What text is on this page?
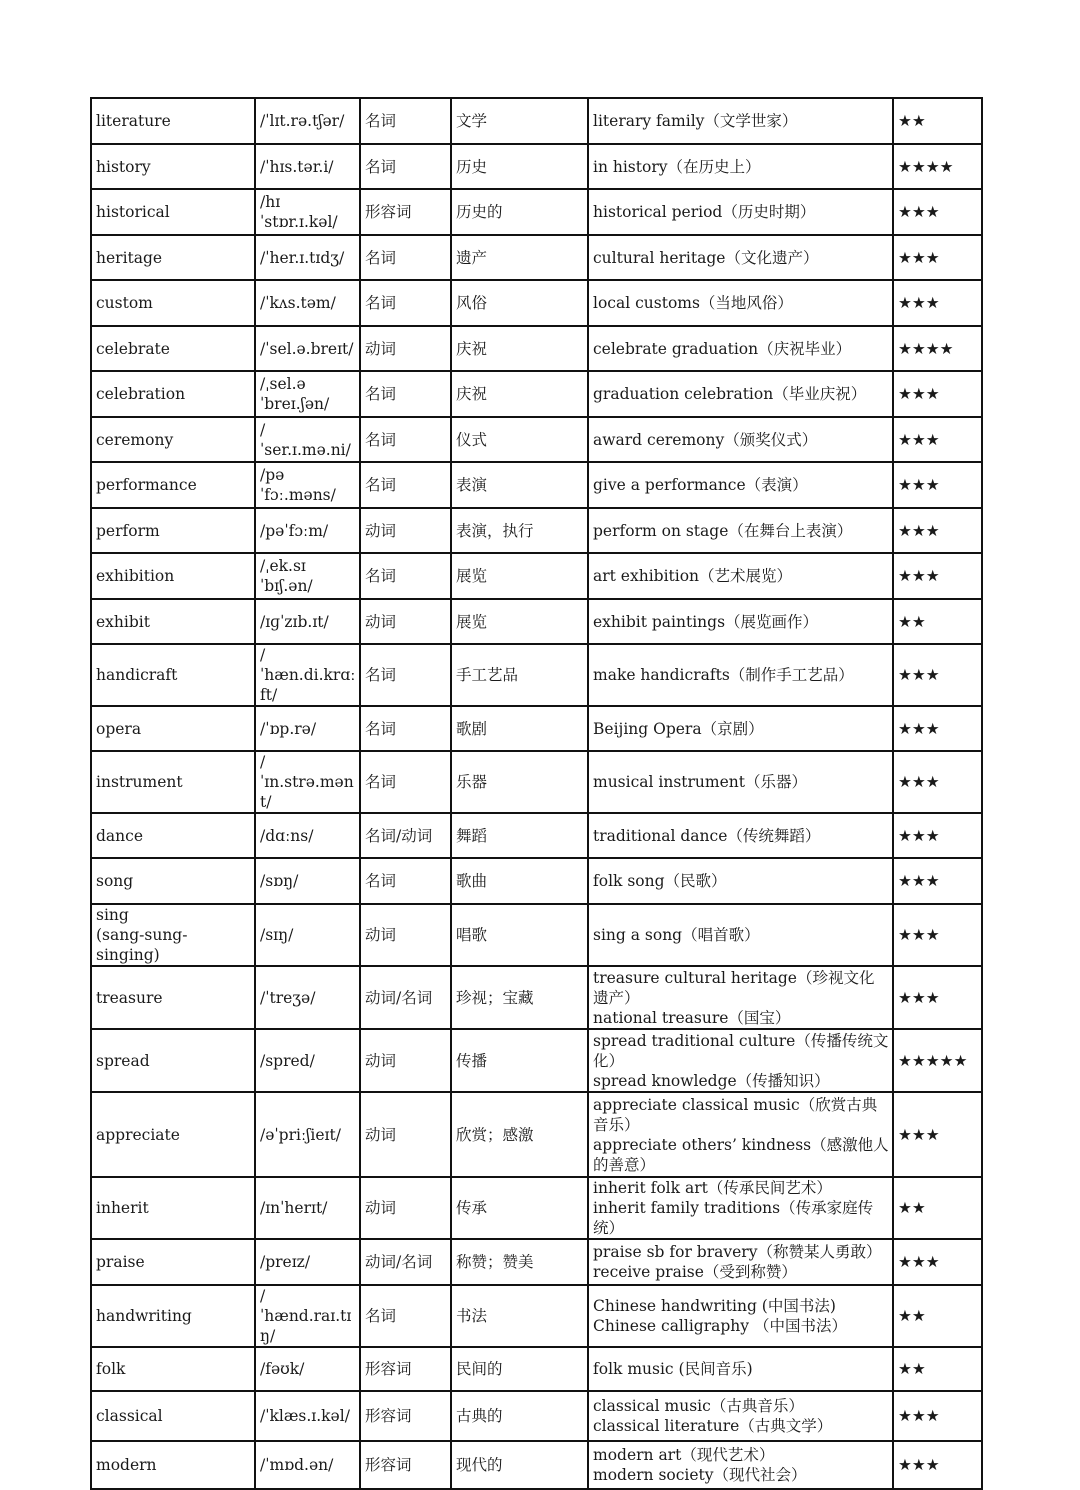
literature	/ˈlɪt.rə.tʃər/	名词	文学	literary family（文学世家）	★★

history	/ˈhɪs.tər.i/	名词	历史	in history（在历史上）	★★★★

historical	/hɪˈstɒr.ɪ.kəl/	形容词	历史的	historical period（历史时期）	★★★

heritage	/ˈher.ɪ.tɪdʒ/	名词	遗产	cultural heritage（文化遗产）	★★★

custom	/ˈkʌs.təm/	名词	风俗	local customs（当地风俗）	★★★

celebrate	/ˈsel.ə.breɪt/	动词	庆祝	celebrate graduation（庆祝毕业）	★★★★

celebration	/ˌsel.əˈbreɪ.ʃən/	名词	庆祝	graduation celebration（毕业庆祝）	★★★

ceremony	/ˈser.ɪ.mə.ni/	名词	仪式	award ceremony（颁奖仪式）	★★★

performance	/pəˈfɔː.məns/	名词	表演	give a performance（表演）	★★★

perform	/pəˈfɔːm/	动词	表演，执行	perform on stage（在舞台上表演）	★★★

exhibition	/ˌek.sɪˈbɪʃ.ən/	名词	展览	art exhibition（艺术展览）	★★★

exhibit	/ɪɡˈzɪb.ɪt/	动词	展览	exhibit paintings（展览画作）	★★

handicraft	/ˈhæn.di.krɑːft/	名词	手工艺品	make handicrafts（制作手工艺品）	★★★

opera	/ˈɒp.rə/	名词	歌剧	Beijing Opera（京剧）	★★★

instrument	/ˈɪn.strə.mənt/	名词	乐器	musical instrument（乐器）	★★★

dance	/dɑːns/	名词/动词	舞蹈	traditional dance（传统舞蹈）	★★★

song	/sɒŋ/	名词	歌曲	folk song（民歌）	★★★

sing
(sang-sung-singing)	/sɪŋ/	动词	唱歌	sing a song（唱首歌）	★★★

treasure	/ˈtreʒə/	动词/名词	珍视；宝藏	treasure cultural heritage（珍视文化遗产）
national treasure（国宝）	★★★

spread	/spred/	动词	传播	spread traditional culture（传播传统文化）
spread knowledge（传播知识）	★★★★★

appreciate	/əˈpriːʃieɪt/	动词	欣赏；感激	appreciate classical music（欣赏古典音乐）
appreciate others’ kindness（感激他人的善意）	★★★

inherit	/ɪnˈherɪt/	动词	传承	inherit folk art（传承民间艺术）
inherit family traditions（传承家庭传统）	★★

praise	/preɪz/	动词/名词	称赞；赞美	praise sb for bravery（称赞某人勇敢）
receive praise（受到称赞）	★★★

handwriting	/ˈhænd.raɪ.tɪŋ/	名词	书法	Chinese handwriting (中国书法)
Chinese calligraphy （中国书法）	★★

folk	/fəʊk/	形容词	民间的	folk music (民间音乐)	★★

classical	/ˈklæs.ɪ.kəl/	形容词	古典的	classical music（古典音乐）
classical literature（古典文学）	★★★

modern	/ˈmɒd.ən/	形容词	现代的	modern art（现代艺术）
modern society（现代社会）	★★★
